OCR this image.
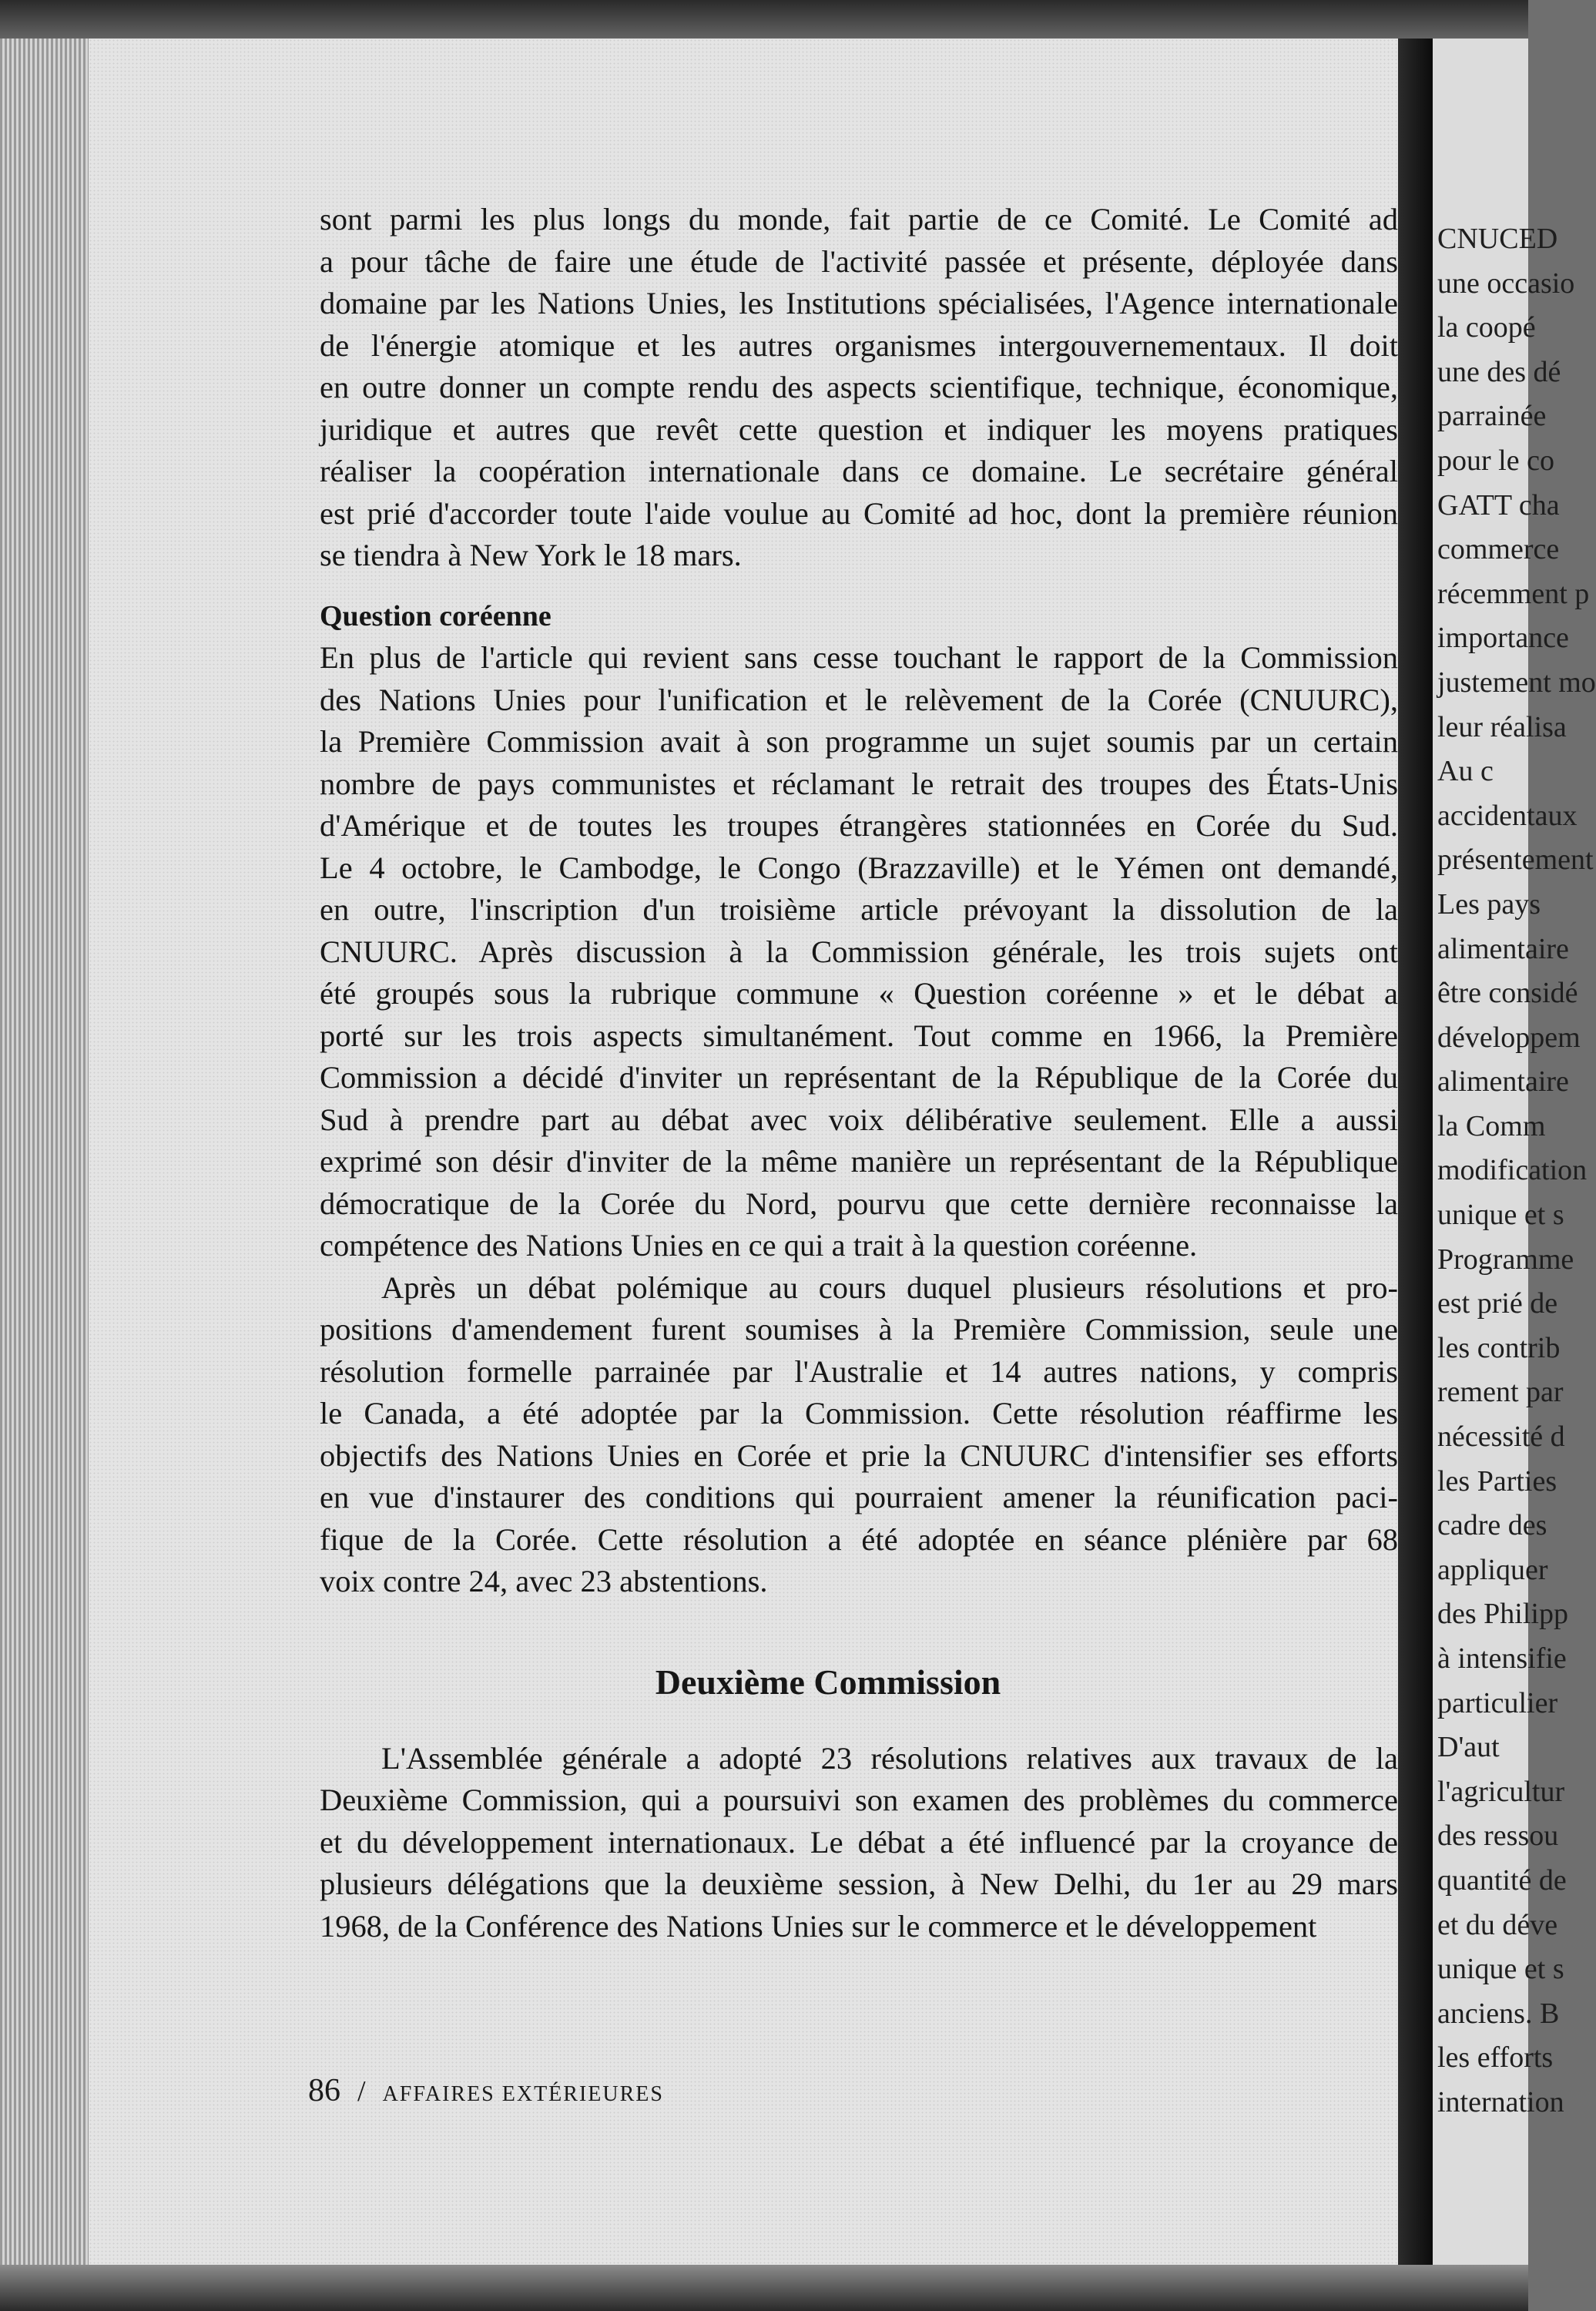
CNUCED
une occasio
la coopé
une des dé
parrainée
pour le co
GATT cha
commerce
récemment p
importance
justement mo
leur réalisa
Au c
accidentaux
présentement
Les pays
alimentaire
être considé
développem
alimentaire
la Comm
modification
unique et s
Programme
est prié de
les contrib
rement par
nécessité d
les Parties
cadre des
appliquer
des Philipp
à intensifie
particulier
D'aut
l'agricultur
des ressou
quantité de
et du déve
unique et s
anciens. B
les efforts
internation
sont parmi les plus longs du monde, fait partie de ce Comité. Le Comité ad
a pour tâche de faire une étude de l'activité passée et présente, déployée dans
domaine par les Nations Unies, les Institutions spécialisées, l'Agence internationale
de l'énergie atomique et les autres organismes intergouvernementaux. Il doit
en outre donner un compte rendu des aspects scientifique, technique, économique,
juridique et autres que revêt cette question et indiquer les moyens pratiques
réaliser la coopération internationale dans ce domaine. Le secrétaire général
est prié d'accorder toute l'aide voulue au Comité ad hoc, dont la première réunion
se tiendra à New York le 18 mars.
Question coréenne
En plus de l'article qui revient sans cesse touchant le rapport de la Commission
des Nations Unies pour l'unification et le relèvement de la Corée (CNUURC),
la Première Commission avait à son programme un sujet soumis par un certain
nombre de pays communistes et réclamant le retrait des troupes des États-Unis
d'Amérique et de toutes les troupes étrangères stationnées en Corée du Sud.
Le 4 octobre, le Cambodge, le Congo (Brazzaville) et le Yémen ont demandé,
en outre, l'inscription d'un troisième article prévoyant la dissolution de la
CNUURC. Après discussion à la Commission générale, les trois sujets ont
été groupés sous la rubrique commune « Question coréenne » et le débat a
porté sur les trois aspects simultanément. Tout comme en 1966, la Première
Commission a décidé d'inviter un représentant de la République de la Corée du
Sud à prendre part au débat avec voix délibérative seulement. Elle a aussi
exprimé son désir d'inviter de la même manière un représentant de la République
démocratique de la Corée du Nord, pourvu que cette dernière reconnaisse la
compétence des Nations Unies en ce qui a trait à la question coréenne.
Après un débat polémique au cours duquel plusieurs résolutions et pro-
positions d'amendement furent soumises à la Première Commission, seule une
résolution formelle parrainée par l'Australie et 14 autres nations, y compris
le Canada, a été adoptée par la Commission. Cette résolution réaffirme les
objectifs des Nations Unies en Corée et prie la CNUURC d'intensifier ses efforts
en vue d'instaurer des conditions qui pourraient amener la réunification paci-
fique de la Corée. Cette résolution a été adoptée en séance plénière par 68
voix contre 24, avec 23 abstentions.
Deuxième Commission
L'Assemblée générale a adopté 23 résolutions relatives aux travaux de la
Deuxième Commission, qui a poursuivi son examen des problèmes du commerce
et du développement internationaux. Le débat a été influencé par la croyance de
plusieurs délégations que la deuxième session, à New Delhi, du 1er au 29 mars
1968, de la Conférence des Nations Unies sur le commerce et le développement
86 / AFFAIRES EXTÉRIEURES
